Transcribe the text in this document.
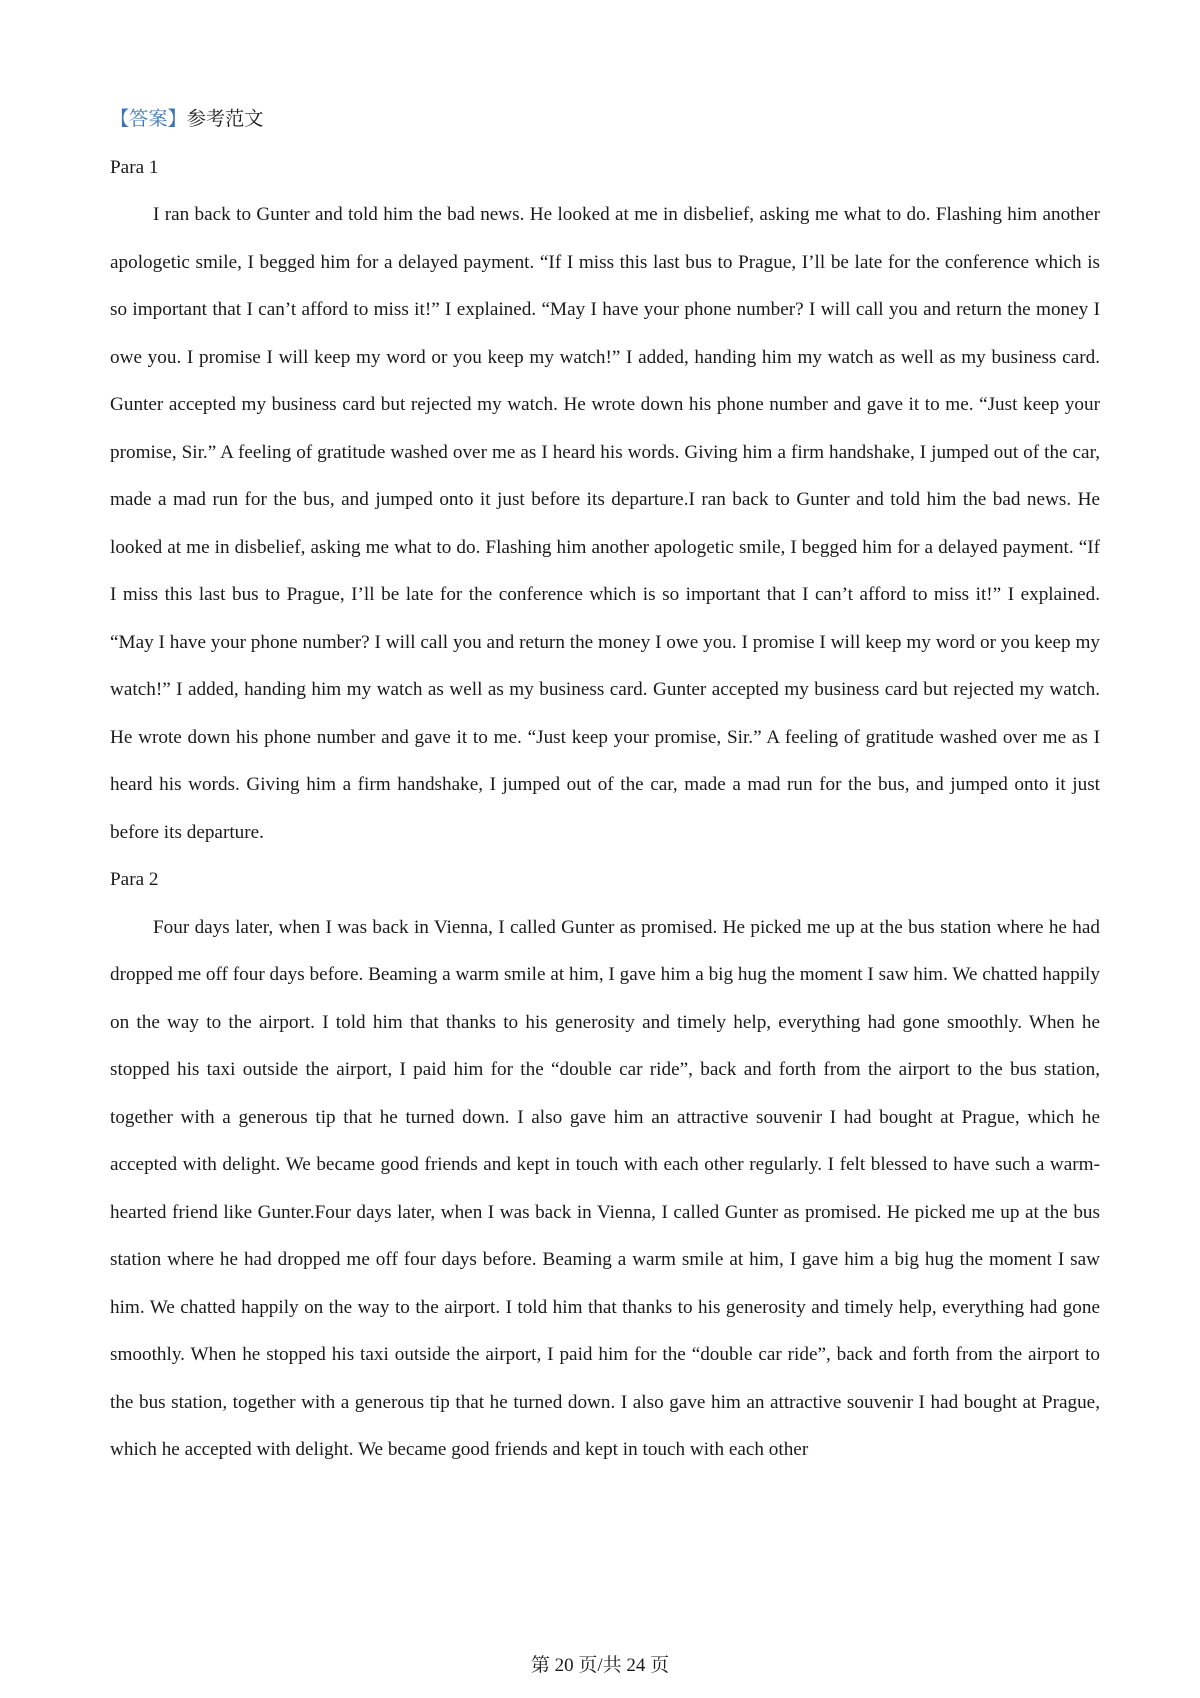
【答案】参考范文

Para 1

I ran back to Gunter and told him the bad news. He looked at me in disbelief, asking me what to do. Flashing him another apologetic smile, I begged him for a delayed payment. “If I miss this last bus to Prague, I’ll be late for the conference which is so important that I can’t afford to miss it!” I explained. “May I have your phone number? I will call you and return the money I owe you. I promise I will keep my word or you keep my watch!” I added, handing him my watch as well as my business card. Gunter accepted my business card but rejected my watch. He wrote down his phone number and gave it to me. “Just keep your promise, Sir.” A feeling of gratitude washed over me as I heard his words. Giving him a firm handshake, I jumped out of the car, made a mad run for the bus, and jumped onto it just before its departure.I ran back to Gunter and told him the bad news. He looked at me in disbelief, asking me what to do. Flashing him another apologetic smile, I begged him for a delayed payment. “If I miss this last bus to Prague, I’ll be late for the conference which is so important that I can’t afford to miss it!” I explained. “May I have your phone number? I will call you and return the money I owe you. I promise I will keep my word or you keep my watch!” I added, handing him my watch as well as my business card. Gunter accepted my business card but rejected my watch. He wrote down his phone number and gave it to me. “Just keep your promise, Sir.” A feeling of gratitude washed over me as I heard his words. Giving him a firm handshake, I jumped out of the car, made a mad run for the bus, and jumped onto it just before its departure.

Para 2

Four days later, when I was back in Vienna, I called Gunter as promised. He picked me up at the bus station where he had dropped me off four days before. Beaming a warm smile at him, I gave him a big hug the moment I saw him. We chatted happily on the way to the airport. I told him that thanks to his generosity and timely help, everything had gone smoothly. When he stopped his taxi outside the airport, I paid him for the “double car ride”, back and forth from the airport to the bus station, together with a generous tip that he turned down. I also gave him an attractive souvenir I had bought at Prague, which he accepted with delight. We became good friends and kept in touch with each other regularly. I felt blessed to have such a warm-hearted friend like Gunter.Four days later, when I was back in Vienna, I called Gunter as promised. He picked me up at the bus station where he had dropped me off four days before. Beaming a warm smile at him, I gave him a big hug the moment I saw him. We chatted happily on the way to the airport. I told him that thanks to his generosity and timely help, everything had gone smoothly. When he stopped his taxi outside the airport, I paid him for the “double car ride”, back and forth from the airport to the bus station, together with a generous tip that he turned down. I also gave him an attractive souvenir I had bought at Prague, which he accepted with delight. We became good friends and kept in touch with each other

第 20 页/共 24 页
